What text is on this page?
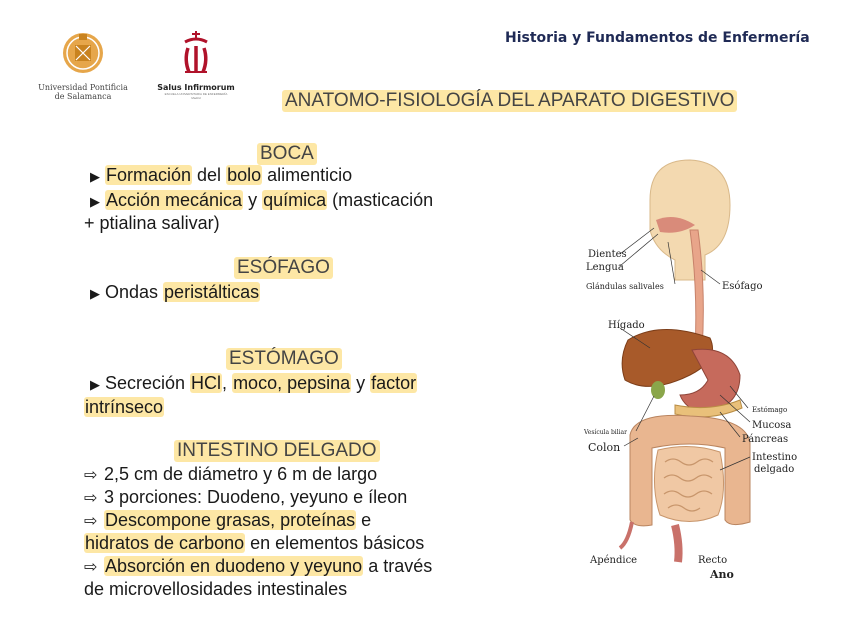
Historia y Fundamentos de Enfermería
Universidad Pontificia
de Salamanca
Salus Infirmorum
ESCUELA UNIVERSITARIA DE ENFERMERÍA
Madrid	ANATOMO-FISIOLOGÍA DEL APARATO DIGESTIVO
BOCA
▶ Formación del bolo alimenticio
▶ Acción mecánica y química (masticación
+ ptialina salivar)
ESÓFAGO
▶ Ondas peristálticas
ESTÓMAGO
▶ Secreción HCl, moco, pepsina y factor
intrínseco
INTESTINO DELGADO
⇨ 2,5 cm de diámetro y 6 m de largo
⇨ 3 porciones: Duodeno, yeyuno e íleon
⇨ Descompone grasas, proteínas e
hidratos de carbono en elementos básicos
⇨ Absorción en duodeno y yeyuno a través
de microvellosidades intestinales
Dientes
Lengua
Glándulas salivales	Esófago
Hígado
Estómago
Mucosa
Vesícula biliar
Páncreas
Colon
Intestino
delgado
Apéndice	Recto
Ano
